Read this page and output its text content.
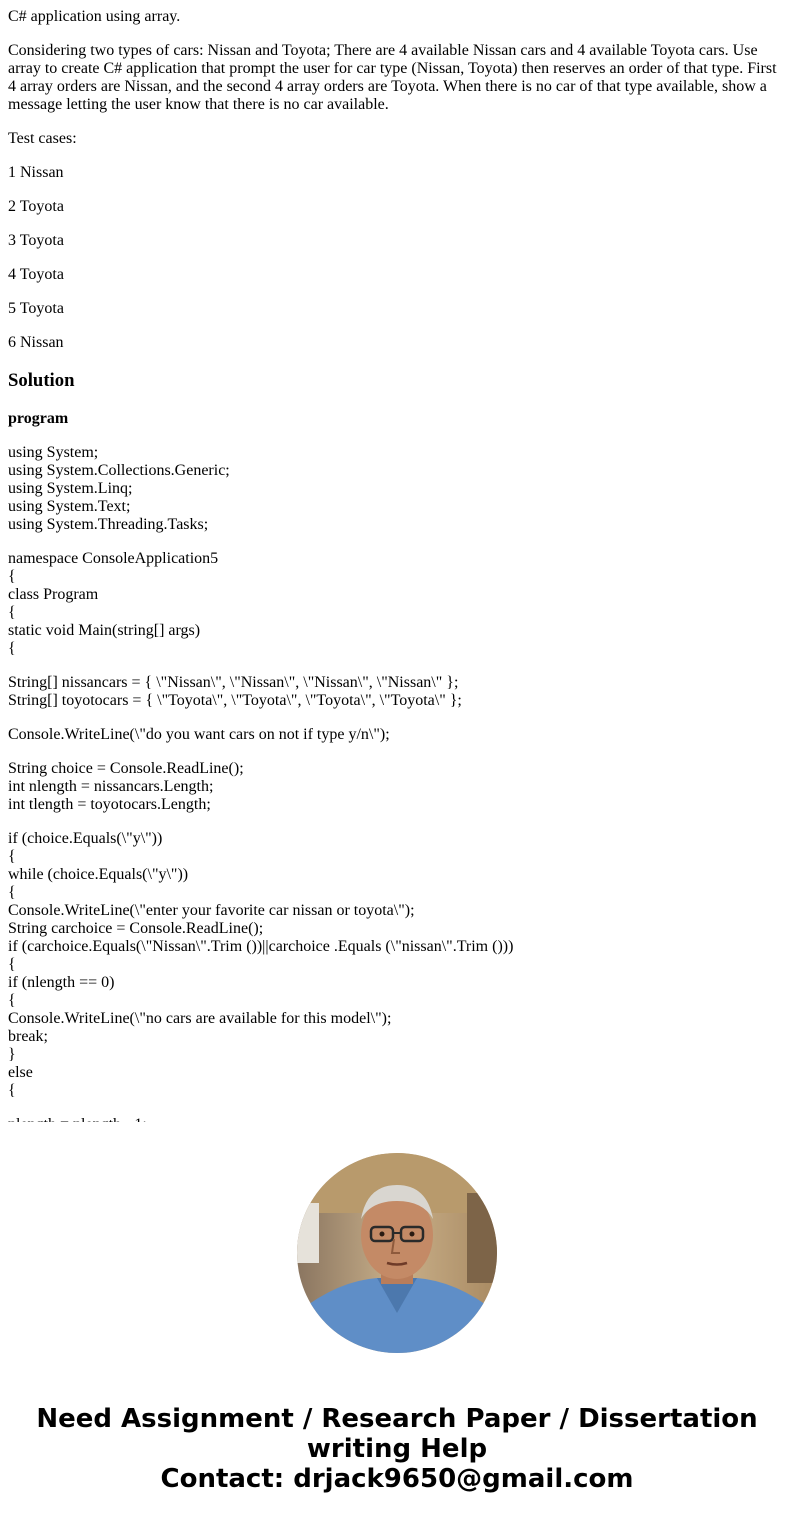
C# application using array.

Considering two types of cars: Nissan and Toyota; There are 4 available Nissan cars and 4 available Toyota cars. Use array to create C# application that prompt the user for car type (Nissan, Toyota) then reserves an order of that type. First 4 array orders are Nissan, and the second 4 array orders are Toyota. When there is no car of that type available, show a message letting the user know that there is no car available.

Test cases:

1 Nissan

2 Toyota

3 Toyota

4 Toyota

5 Toyota

6 Nissan

Solution
program
using System;
using System.Collections.Generic;
using System.Linq;
using System.Text;
using System.Threading.Tasks;
namespace ConsoleApplication5
{
class Program
{
static void Main(string[] args)
{
String[] nissancars = { \"Nissan\", \"Nissan\", \"Nissan\", \"Nissan\" };
String[] toyotocars = { \"Toyota\", \"Toyota\", \"Toyota\", \"Toyota\" };
Console.WriteLine(\"do you want cars on not if type y/n\");
String choice = Console.ReadLine();
int nlength = nissancars.Length;
int tlength = toyotocars.Length;
if (choice.Equals(\"y\"))
{
while (choice.Equals(\"y\"))
{
Console.WriteLine(\"enter your favorite car nissan or toyota\");
String carchoice = Console.ReadLine();
if (carchoice.Equals(\"Nissan\".Trim ())||carchoice .Equals (\"nissan\".Trim ()))
{
if (nlength == 0)
{
Console.WriteLine(\"no cars are available for this model\");
break;
}
else
{
Need Assignment / Research Paper / Dissertation
writing Help
Contact: drjack9650@gmail.com
